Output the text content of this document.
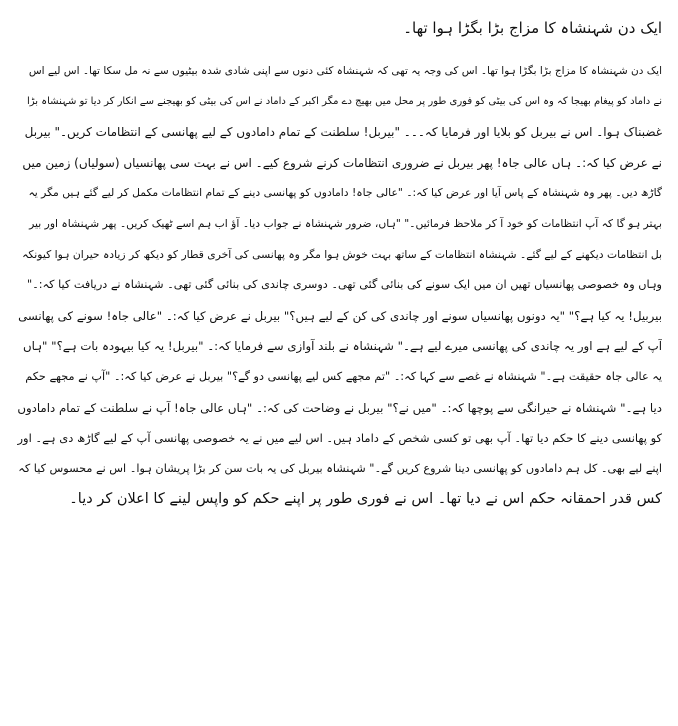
ایک دن شہنشاہ کا مزاج بڑا بگڑا ہوا تھا۔
ایک دن شہنشاہ کا مزاج بڑا بگڑا ہوا تھا۔ اس کی وجہ یہ تھی کہ شہنشاہ کئی دنوں سے اپنی شادی شدہ بیٹیوں سے نہ مل سکا تھا۔ اس لیے اس
نے داماد کو پیغام بھیجا کہ وہ اس کی بیٹی کو فوری طور پر محل میں بھیج دے مگر اکبر کے داماد نے اس کی بیٹی کو بھیجنے سے انکار کر دیا تو شہنشاہ بڑا
غضبناک ہوا۔ اس نے بیربل کو بلایا اور فرمایا کہ۔۔۔ "بیربل! سلطنت کے تمام دامادوں کے لیے پھانسی کے انتظامات کریں۔" بیربل
نے عرض کیا کہ:۔ ہاں عالی جاہ! پھر بیربل نے ضروری انتظامات کرنے شروع کیے۔ اس نے بہت سی پھانسیاں (سولیاں) زمین میں
گاڑھ دیں۔ پھر وہ شہنشاہ کے پاس آیا اور عرض کیا کہ:۔ "عالی جاہ! دامادوں کو پھانسی دینے کے تمام انتظامات مکمل کر لیے گئے ہیں مگر یہ
بہتر ہو گا کہ آپ انتظامات کو خود آ کر ملاحظ فرمائیں۔" "ہاں، ضرور شہنشاہ نے جواب دیا۔ آؤ اب ہم اسے ٹھیک کریں۔ پھر شہنشاہ اور بیر
بل انتظامات دیکھنے کے لیے گئے۔ شہنشاہ انتظامات کے ساتھ بہت خوش ہوا مگر وہ پھانسی کی آخری قطار کو دیکھ کر زیادہ حیران ہوا کیونکہ
وہاں وہ خصوصی پھانسیاں تھیں ان میں ایک سونے کی بنائی گئی تھی۔ دوسری چاندی کی بنائی گئی تھی۔ شہنشاہ نے دریافت کیا کہ:۔"
بیربیل! یہ کیا ہے؟" "یہ دونوں پھانسیاں سونے اور چاندی کی کن کے لیے ہیں؟" بیربل نے عرض کیا کہ:۔ "عالی جاہ! سونے کی پھانسی
آپ کے لیے ہے اور یہ چاندی کی پھانسی میرے لیے ہے۔" شہنشاہ نے بلند آوازی سے فرمایا کہ:۔ "بیربل! یہ کیا بیہودہ بات ہے؟" "ہاں
یہ عالی جاہ حقیقت ہے۔" شہنشاہ نے غصے سے کہا کہ:۔ "تم مجھے کس لیے پھانسی دو گے؟" بیربل نے عرض کیا کہ:۔ "آپ نے مجھے حکم
دیا ہے۔" شہنشاہ نے حیرانگی سے پوچھا کہ:۔ "میں نے؟" بیربل نے وضاحت کی کہ:۔ "ہاں عالی جاہ! آپ نے سلطنت کے تمام دامادوں
کو پھانسی دینے کا حکم دیا تھا۔ آپ بھی تو کسی شخص کے داماد ہیں۔ اس لیے میں نے یہ خصوصی پھانسی آپ کے لیے گاڑھ دی ہے۔ اور
اپنے لیے بھی۔ کل ہم دامادوں کو پھانسی دینا شروع کریں گے۔" شہنشاہ بیربل کی یہ بات سن کر بڑا پریشان ہوا۔ اس نے محسوس کیا کہ
کس قدر احمقانہ حکم اس نے دیا تھا۔ اس نے فوری طور پر اپنے حکم کو واپس لینے کا اعلان کر دیا۔
